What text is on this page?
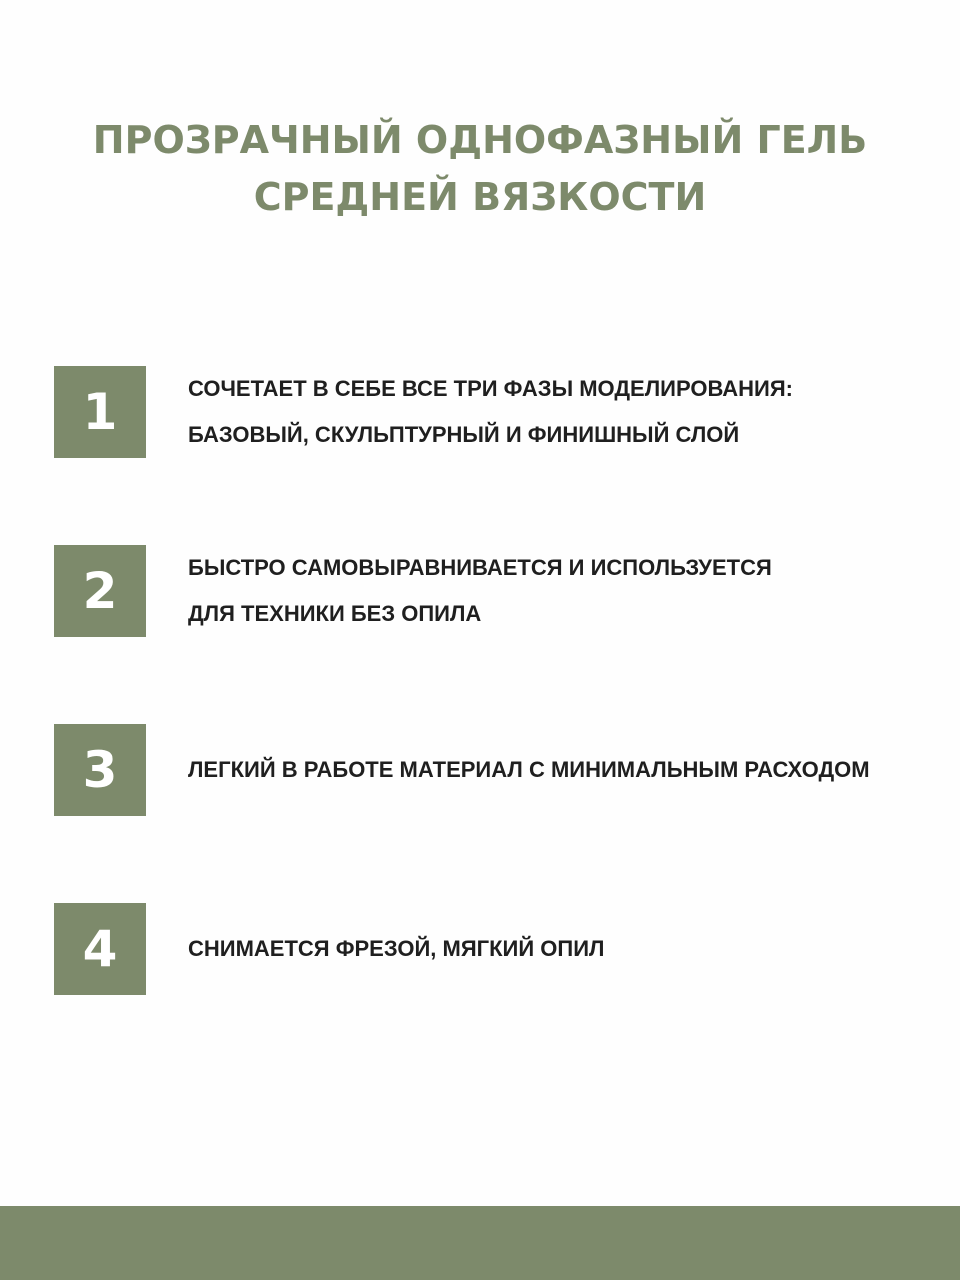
ПРОЗРАЧНЫЙ ОДНОФАЗНЫЙ ГЕЛЬ
СРЕДНЕЙ ВЯЗКОСТИ
1	СОЧЕТАЕТ В СЕБЕ ВСЕ ТРИ ФАЗЫ МОДЕЛИРОВАНИЯ:
БАЗОВЫЙ, СКУЛЬПТУРНЫЙ И ФИНИШНЫЙ СЛОЙ
2	БЫСТРО САМОВЫРАВНИВАЕТСЯ И ИСПОЛЬЗУЕТСЯ
ДЛЯ ТЕХНИКИ БЕЗ ОПИЛА
3	ЛЕГКИЙ В РАБОТЕ МАТЕРИАЛ С МИНИМАЛЬНЫМ РАСХОДОМ
4	СНИМАЕТСЯ ФРЕЗОЙ, МЯГКИЙ ОПИЛ
